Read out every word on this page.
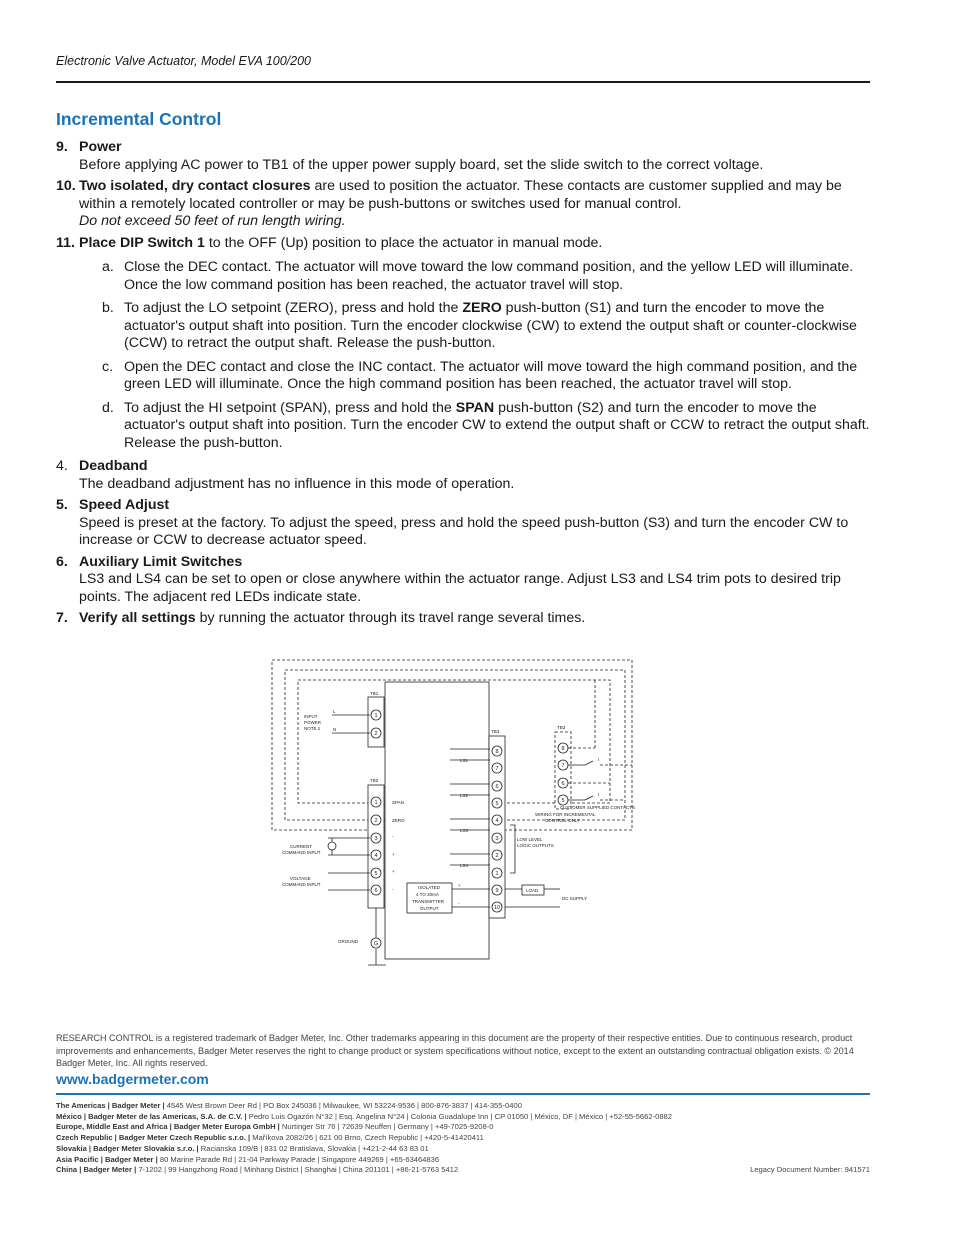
Electronic Valve Actuator, Model EVA 100/200
Incremental Control
9. Power
Before applying AC power to TB1 of the upper power supply board, set the slide switch to the correct voltage.
10. Two isolated, dry contact closures are used to position the actuator. These contacts are customer supplied and may be within a remotely located controller or may be push-buttons or switches used for manual control.
Do not exceed 50 feet of run length wiring.
11. Place DIP Switch 1 to the OFF (Up) position to place the actuator in manual mode.
a. Close the DEC contact. The actuator will move toward the low command position, and the yellow LED will illuminate. Once the low command position has been reached, the actuator travel will stop.
b. To adjust the LO setpoint (ZERO), press and hold the ZERO push-button (S1) and turn the encoder to move the actuator's output shaft into position. Turn the encoder clockwise (CW) to extend the output shaft or counter-clockwise (CCW) to retract the output shaft. Release the push-button.
c. Open the DEC contact and close the INC contact. The actuator will move toward the high command position, and the green LED will illuminate. Once the high command position has been reached, the actuator travel will stop.
d. To adjust the HI setpoint (SPAN), press and hold the SPAN push-button (S2) and turn the encoder to move the actuator's output shaft into position. Turn the encoder CW to extend the output shaft or CCW to retract the output shaft. Release the push-button.
4. Deadband
The deadband adjustment has no influence in this mode of operation.
5. Speed Adjust
Speed is preset at the factory. To adjust the speed, press and hold the speed push-button (S3) and turn the encoder CW to increase or CCW to decrease actuator speed.
6. Auxiliary Limit Switches
LS3 and LS4 can be set to open or close anywhere within the actuator range. Adjust LS3 and LS4 trim pots to desired trip points. The adjacent red LEDs indicate state.
7. Verify all settings by running the actuator through its travel range several times.
TB1
TB2
TB3
TB3
INPUT
POWER
NOTE 1
L
N
SPAN
ZERO
CURRENT
COMMAND INPUT
VOLTAGE
COMMAND INPUT
GROUND
ISOLATED
4 TO 20mA
TRANSMITTER
OUTPUT
LOAD
DC SUPPLY
WIRING FOR INCREMENTAL
CONTROL ONLY
CUSTOMER SUPPLIED CONTACTS
LOW LEVEL
LOGIC OUTPUTS
LS1
LS2
LS3
LS4
-
+
+
-
+
-
I
I
1
2
1
2
3
4
5
6
G
8
7
6
5
4
3
2
1
9
10
8
7
6
5
RESEARCH CONTROL is a registered trademark of Badger Meter, Inc. Other trademarks appearing in this document are the property of their respective entities. Due to continuous research, product improvements and enhancements, Badger Meter reserves the right to change product or system specifications without notice, except to the extent an outstanding contractual obligation exists. © 2014 Badger Meter, Inc. All rights reserved.
www.badgermeter.com
The Americas | Badger Meter | 4545 West Brown Deer Rd | PO Box 245036 | Milwaukee, WI 53224-9536 | 800-876-3837 | 414-355-0400
México | Badger Meter de las Americas, S.A. de C.V. | Pedro Luis Ogazón N°32 | Esq. Angelina N°24 | Colonia Guadalupe Inn | CP 01050 | México, DF | México | +52-55-5662-0882
Europe, Middle East and Africa | Badger Meter Europa GmbH | Nurtinger Str 76 | 72639 Neuffen | Germany | +49-7025-9208-0
Czech Republic | Badger Meter Czech Republic s.r.o. | Maříkova 2082/26 | 621 00 Brno, Czech Republic | +420-5-41420411
Slovakia | Badger Meter Slovakia s.r.o. | Racianska 109/B | 831 02 Bratislava, Slovakia | +421-2-44 63 83 01
Asia Pacific | Badger Meter | 80 Marine Parade Rd | 21-04 Parkway Parade | Singapore 449269 | +65-63464836
China | Badger Meter | 7-1202 | 99 Hangzhong Road | Minhang District | Shanghai | China 201101 | +86-21-5763 5412	Legacy Document Number: 941571
